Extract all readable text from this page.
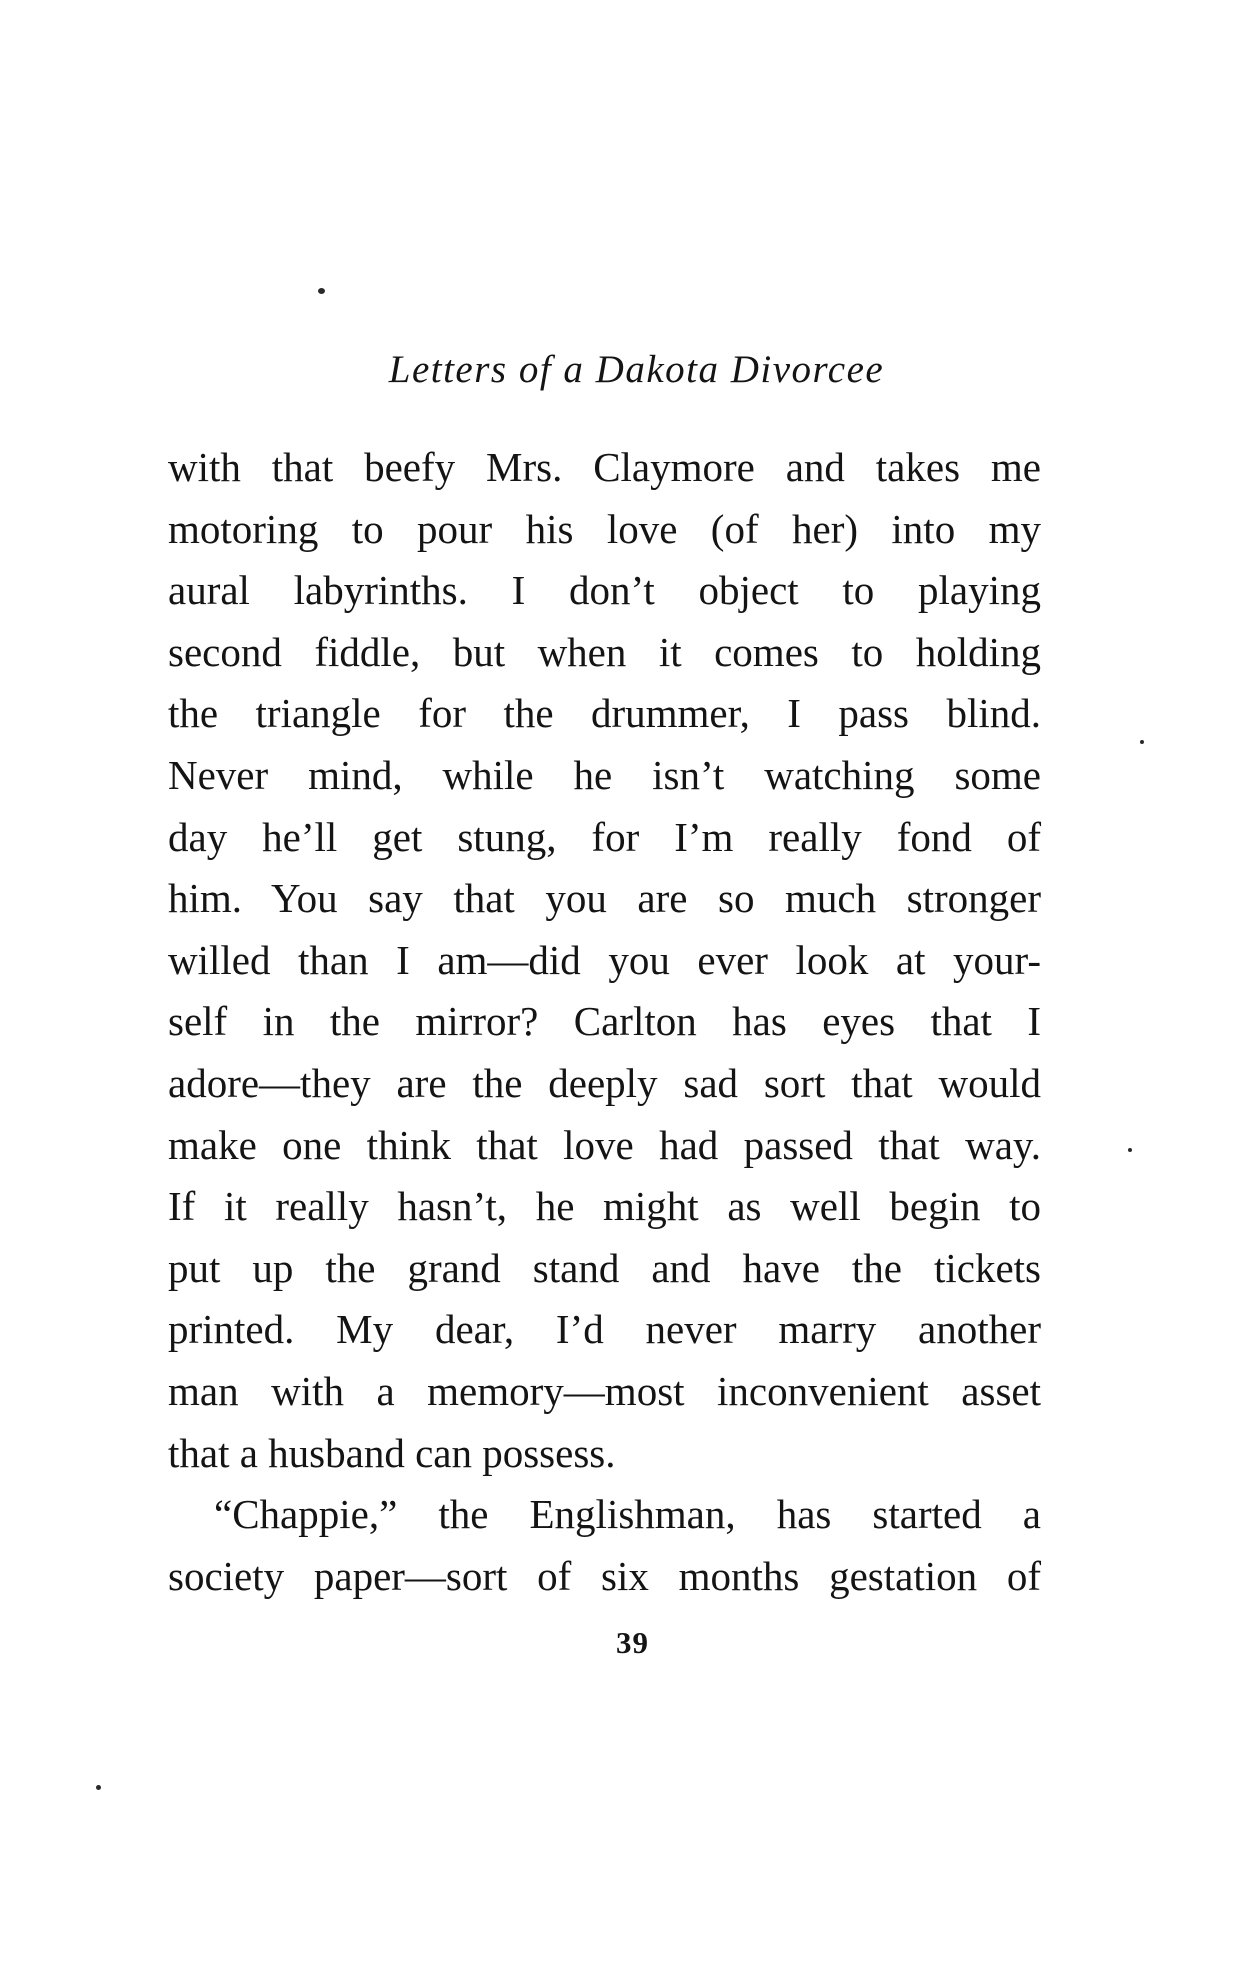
Letters of a Dakota Divorcee

with that beefy Mrs. Claymore and takes me
motoring to pour his love (of her) into my
aural labyrinths. I don’t object to playing
second fiddle, but when it comes to holding
the triangle for the drummer, I pass blind.
Never mind, while he isn’t watching some
day he’ll get stung, for I’m really fond of
him. You say that you are so much stronger
willed than I am—did you ever look at your-
self in the mirror? Carlton has eyes that I
adore—they are the deeply sad sort that would
make one think that love had passed that way.
If it really hasn’t, he might as well begin to
put up the grand stand and have the tickets
printed. My dear, I’d never marry another
man with a memory—most inconvenient asset
that a husband can possess.

“Chappie,” the Englishman, has started a
society paper—sort of six months gestation of

39
